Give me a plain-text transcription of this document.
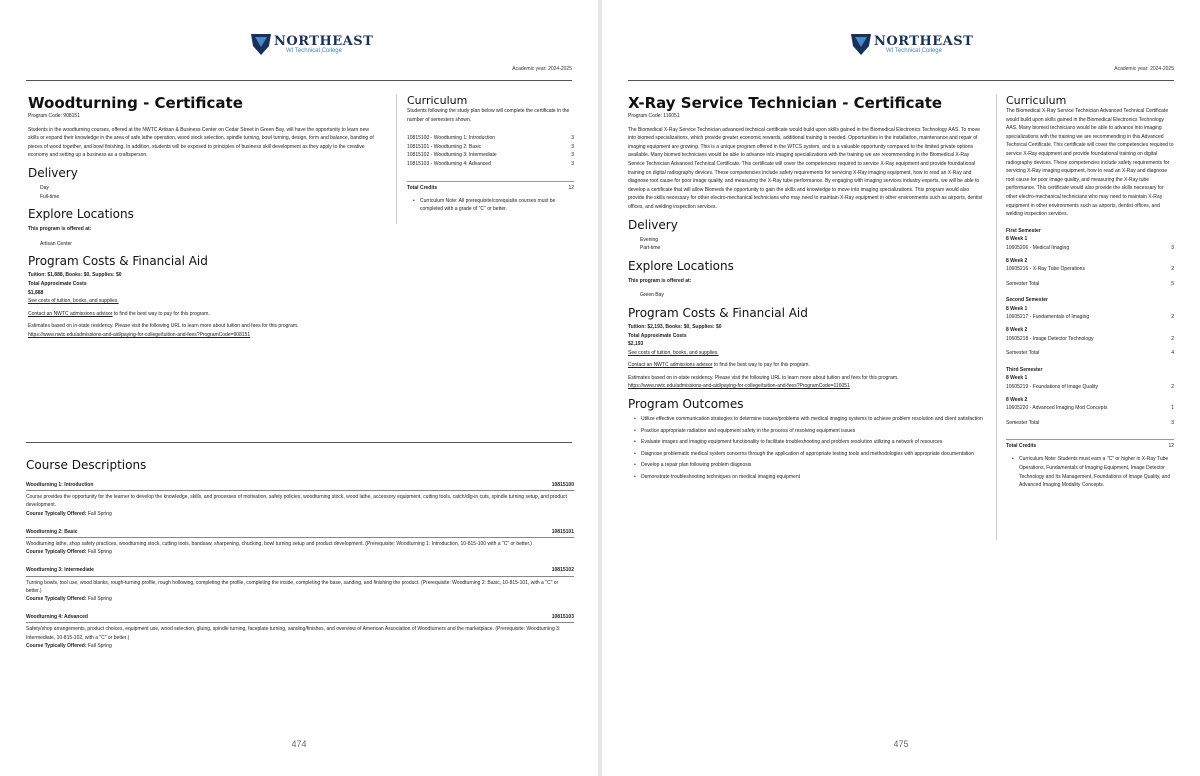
NORTHEAST
WI Technical College
Academic year: 2024-2025
Woodturning - Certificate
Program Code: 908151

Students in the woodturning courses, offered at the NWTC Artisan & Business Center on Cedar Street in Green Bay, will have the opportunity to learn new skills or expand their knowledge in the area of safe lathe operation, wood stock selection, spindle turning, bowl turning, design, form and balance, banding of pieces of wood together, and bowl finishing. In addition, students will be exposed to principles of business skill development as they apply to the creative economy and setting up a business as a craftsperson.

Delivery
Day
Full-time
Explore Locations

This program is offered at:

Artisan Center
Program Costs & Financial Aid
Tuition: $1,888, Books: $0, Supplies: $0
Total Approximate Costs
$1,888

See costs of tuition, books, and supplies.

Contact an NWTC admissions advisor to find the best way to pay for this program.

Estimates based on in-state residency. Please visit the following URL to learn more about tuition and fees for this program.
https://www.nwtc.edu/admissions-and-aid/paying-for-college/tuition-and-fees?ProgramCode=908151
Curriculum

Students following the study plan below will complete the certificate in the number of semesters shown.

10815100 - Woodturning 1: Introduction	3
10815101 - Woodturning 2: Basic	3
10815102 - Woodturning 3: Intermediate	3
10815103 - Woodturning 4: Advanced	3
Total Credits	12
• Curriculum Note: All prerequisite/corequisite courses must be completed with a grade of "C" or better.
Course Descriptions
Woodturning 1: Introduction	10815100
Course provides the opportunity for the learner to develop the knowledge, skills, and processes of motivation, safety policies, woodturning stock, wood lathe, accessory equipment, cutting tools, catch/dig-in cuts, spindle turning setup, and product development.
Course Typically Offered: Fall Spring
Woodturning 2: Basic	10815101
Woodturning lathe, shop safety practices, woodturning stock, cutting tools, bandsaw, sharpening, chucking, bowl turning setup and product development. (Prerequisite: Woodturning 1: Introduction, 10-815-100 with a "C" or better.)
Course Typically Offered: Fall Spring
Woodturning 3: Intermediate	10815102
Turning bowls, tool use, wood blanks, rough-turning profile, rough hollowing, completing the profile, completing the inside, completing the base, sanding, and finishing the product. (Prerequisite: Woodturning 2: Basic, 10-815-101, with a "C" or better.)
Course Typically Offered: Fall Spring
Woodturning 4: Advanced	10815103
Safety/shop arrangements, product choices, equipment use, wood selection, gluing, spindle turning, faceplate turning, sanding/finishes, and overview of American Association of Woodturners and the marketplace. (Prerequisite: Woodturning 3: Intermediate, 10-815-102, with a "C" or better.)
Course Typically Offered: Fall Spring
474
NORTHEAST
WI Technical College
Academic year: 2024-2025
X-Ray Service Technician - Certificate
Program Code: 116051

The Biomedical X-Ray Service Technician advanced technical certificate would build upon skills gained in the Biomedical Electronics Technology AAS. To move into biomed specializations, which provide greater economic rewards, additional training is needed. Opportunities in the installation, maintenance and repair of imaging equipment are growing. This is a unique program offered in the WTCS system, and is a valuable opportunity compared to the limited private options available. Many biomed technicians would be able to advance into imaging specializations with the training we are recommending in the Biomedical X-Ray Service Technician Advanced Technical Certificate. This certificate will cover the competencies required to service X-Ray equipment and provide foundational training on digital radiography devices. These competencies include safety requirements for servicing X-Ray imaging equipment, how to read an X-Ray and diagnose root cause for poor image quality, and measuring the X-Ray tube performance. By engaging with imaging services industry experts, we will be able to develop a certificate that will allow Biomeds the opportunity to gain the skills and knowledge to move into imaging specializations. This program would also provide the skills necessary for other electro-mechanical technicians who may need to maintain X-Ray equipment in other environments such as airports, dentist offices, and welding inspection services.

Delivery
Evening
Part-time
Explore Locations

This program is offered at:

Green Bay
Program Costs & Financial Aid
Tuition: $2,193, Books: $0, Supplies: $0
Total Approximate Costs
$2,193

See costs of tuition, books, and supplies.

Contact an NWTC admissions advisor to find the best way to pay for this program.

Estimates based on in-state residency. Please visit the following URL to learn more about tuition and fees for this program.
https://www.nwtc.edu/admissions-and-aid/paying-for-college/tuition-and-fees?ProgramCode=116051
Program Outcomes
• Utilize effective communication strategies to determine issues/problems with medical imaging systems to achieve problem resolution and client satisfaction
• Practice appropriate radiation and equipment safety in the process of resolving equipment issues
• Evaluate images and imaging equipment functionality to facilitate troubleshooting and problem resolution utilizing a network of resources
• Diagnose problematic medical system concerns through the application of appropriate testing tools and methodologies with appropriate documentation
• Develop a repair plan following problem diagnosis
• Demonstrate troubleshooting techniques on medical imaging equipment
Curriculum

The Biomedical X-Ray Service Technician Advanced Technical Certificate would build upon skills gained in the Biomedical Electronics Technology AAS. Many biomed technicians would be able to advance into imaging specializations with the training we are recommending in this Advanced Technical Certificate. This certificate will cover the competencies required to service X-Ray equipment and provide foundational training on digital radiography devices. These competencies include safety requirements for servicing X-Ray imaging equipment, how to read an X-Ray and diagnose root cause for poor image quality, and measuring the X-Ray tube performance. This certificate would also provide the skills necessary for other electro-mechanical technicians who may need to maintain X-Ray equipment in other environments such as airports, dentist offices, and welding inspection services.

First Semester
8 Week 1
10605206 - Medical Imaging	3
8 Week 2
10605216 - X-Ray Tube Operations	2
Semester Total	5
Second Semester
8 Week 1
10605217 - Fundamentals of Imaging	2
8 Week 2
10605218 - Image Detector Technology	2
Semester Total	4
Third Semester
8 Week 1
10605219 - Foundations of Image Quality	2
8 Week 2
10605220 - Advanced Imaging Mod Concepts	1
Semester Total	3
Total Credits	12
• Curriculum Note: Students must earn a "C" or higher in X-Ray Tube Operations, Fundamentals of Imaging Equipment, Image Detector Technology and Its Management, Foundations of Image Quality, and Advanced Imaging Modality Concepts.
475
